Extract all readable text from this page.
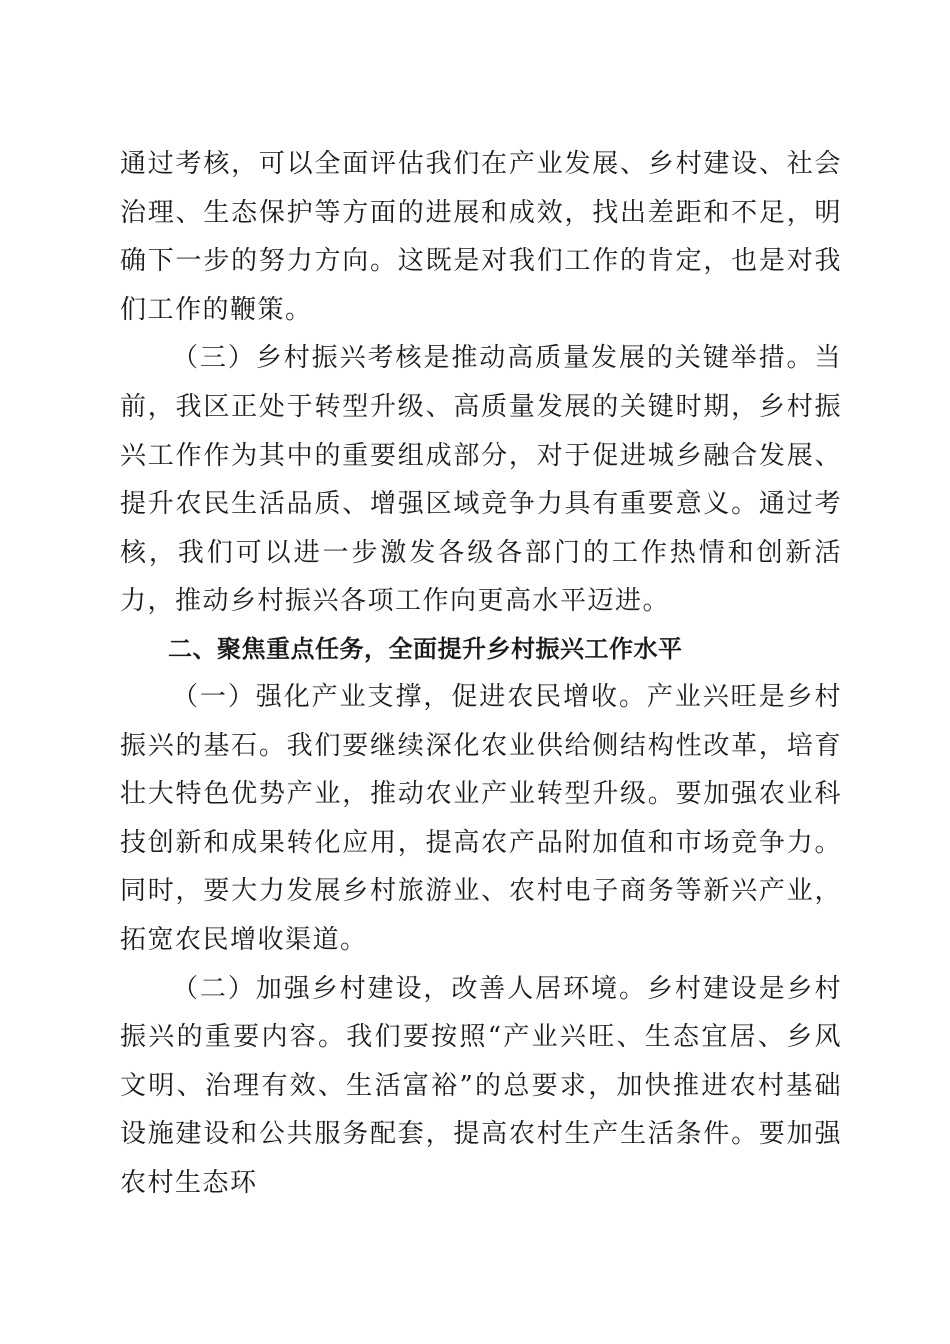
通过考核，可以全面评估我们在产业发展、乡村建设、社会治理、生态保护等方面的进展和成效，找出差距和不足，明确下一步的努力方向。这既是对我们工作的肯定，也是对我们工作的鞭策。

（三）乡村振兴考核是推动高质量发展的关键举措。当前，我区正处于转型升级、高质量发展的关键时期，乡村振兴工作作为其中的重要组成部分，对于促进城乡融合发展、提升农民生活品质、增强区域竞争力具有重要意义。通过考核，我们可以进一步激发各级各部门的工作热情和创新活力，推动乡村振兴各项工作向更高水平迈进。

二、聚焦重点任务，全面提升乡村振兴工作水平

（一）强化产业支撑，促进农民增收。产业兴旺是乡村振兴的基石。我们要继续深化农业供给侧结构性改革，培育壮大特色优势产业，推动农业产业转型升级。要加强农业科技创新和成果转化应用，提高农产品附加值和市场竞争力。同时，要大力发展乡村旅游业、农村电子商务等新兴产业，拓宽农民增收渠道。

（二）加强乡村建设，改善人居环境。乡村建设是乡村振兴的重要内容。我们要按照“产业兴旺、生态宜居、乡风文明、治理有效、生活富裕”的总要求，加快推进农村基础设施建设和公共服务配套，提高农村生产生活条件。要加强农村生态环
